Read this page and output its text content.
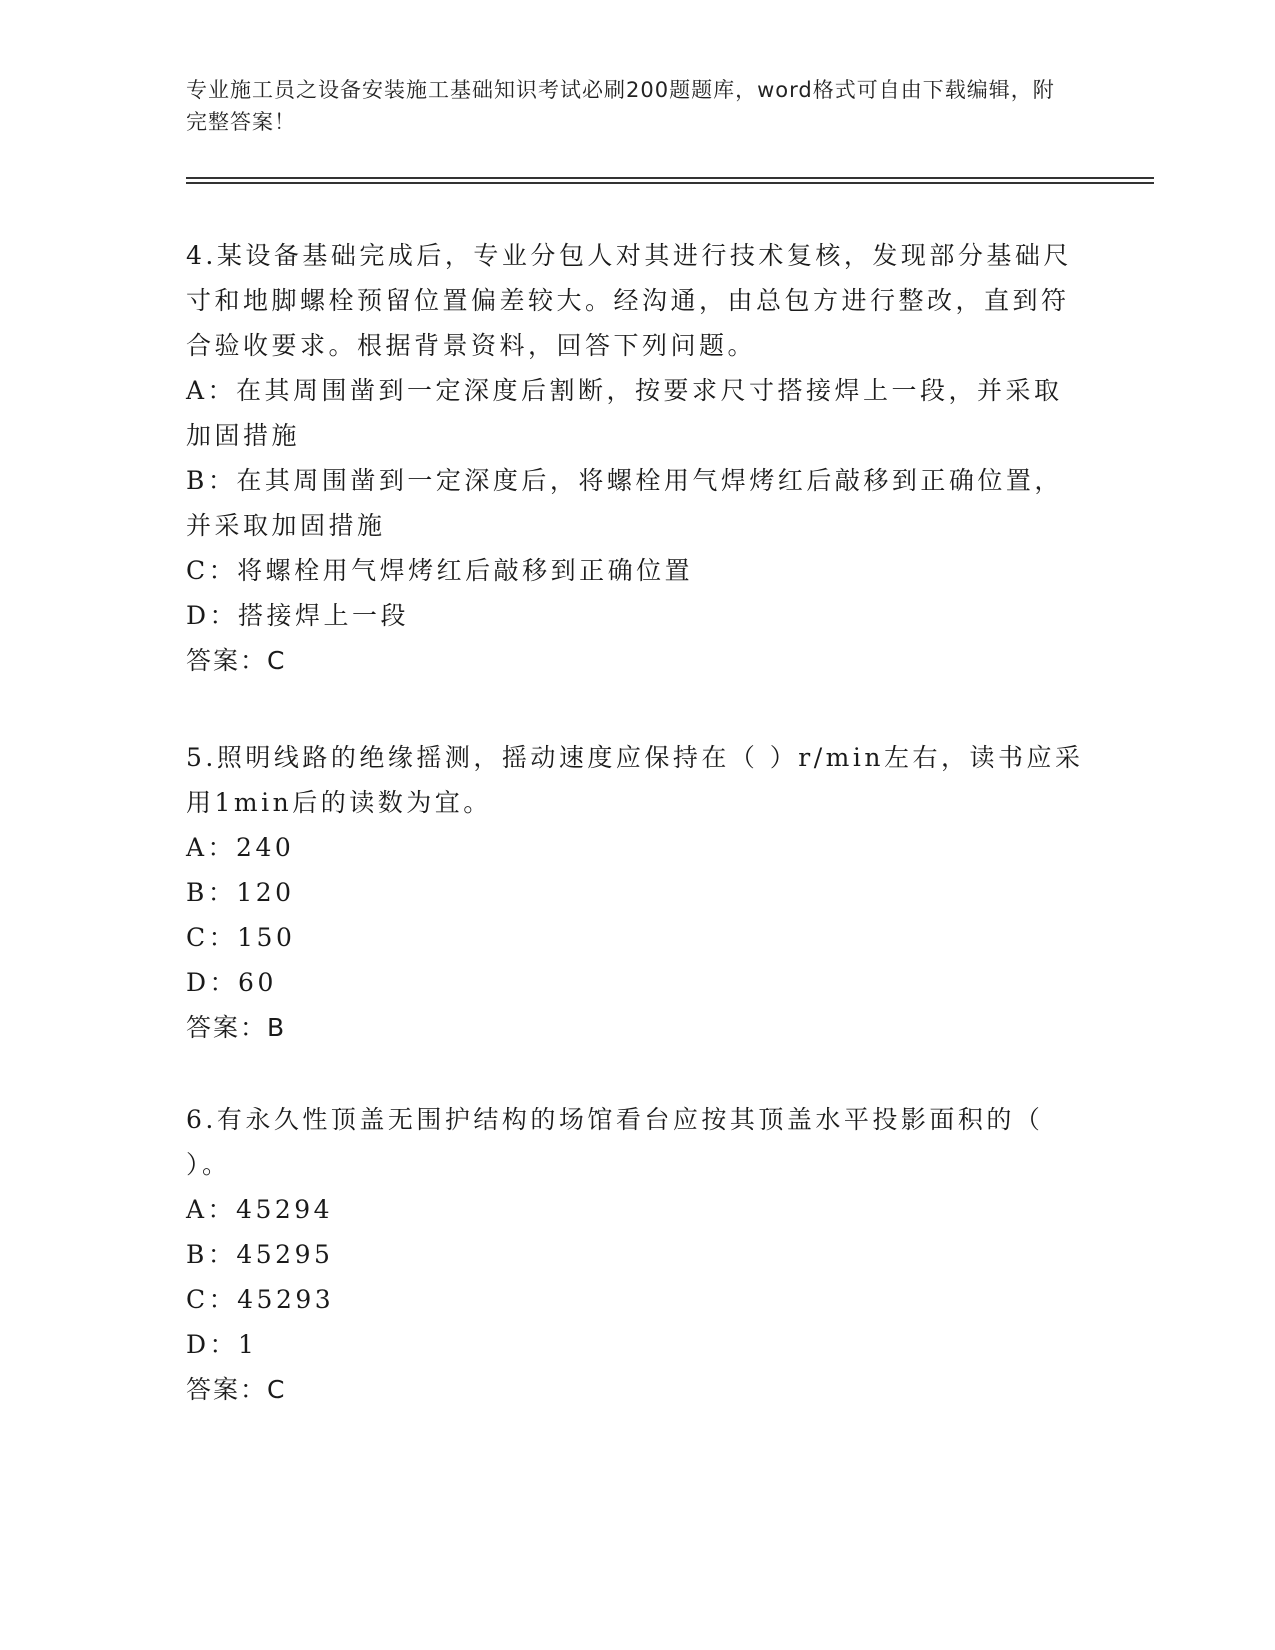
专业施工员之设备安装施工基础知识考试必刷200题题库，word格式可自由下载编辑，附完整答案！

4.某设备基础完成后，专业分包人对其进行技术复核，发现部分基础尺寸和地脚螺栓预留位置偏差较大。经沟通，由总包方进行整改，直到符合验收要求。根据背景资料，回答下列问题。

A：在其周围凿到一定深度后割断，按要求尺寸搭接焊上一段，并采取加固措施

B：在其周围凿到一定深度后，将螺栓用气焊烤红后敲移到正确位置，并采取加固措施

C：将螺栓用气焊烤红后敲移到正确位置

D：搭接焊上一段

答案：C

5.照明线路的绝缘摇测，摇动速度应保持在（ ）r/min左右，读书应采用1min后的读数为宜。

A：240

B：120

C：150

D：60

答案：B

6.有永久性顶盖无围护结构的场馆看台应按其顶盖水平投影面积的（ ）。

A：45294

B：45295

C：45293

D：1

答案：C
